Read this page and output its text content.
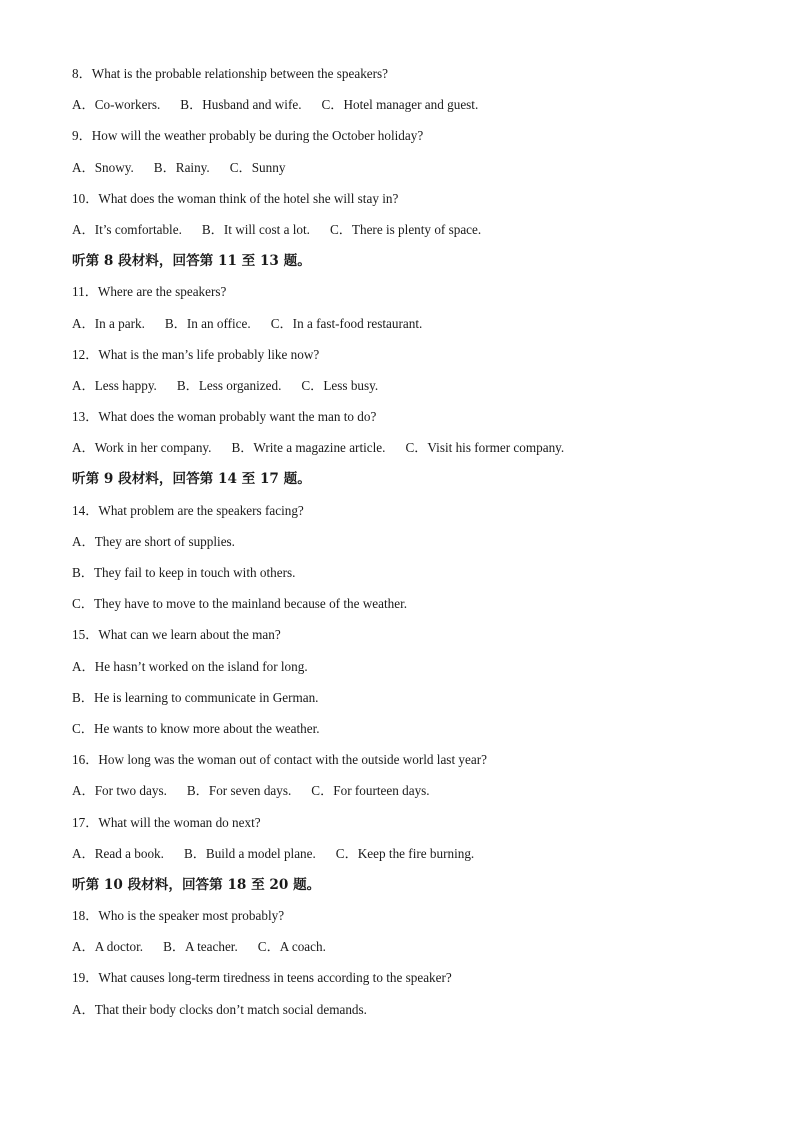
8．What is the probable relationship between the speakers?
A．Co-workers. B．Husband and wife. C．Hotel manager and guest.
9．How will the weather probably be during the October holiday?
A．Snowy. B．Rainy. C．Sunny
10．What does the woman think of the hotel she will stay in?
A．It’s comfortable. B．It will cost a lot. C．There is plenty of space.
听第 8 段材料，回答第 11 至 13 题。
11．Where are the speakers?
A．In a park. B．In an office. C．In a fast-food restaurant.
12．What is the man’s life probably like now?
A．Less happy. B．Less organized. C．Less busy.
13．What does the woman probably want the man to do?
A．Work in her company. B．Write a magazine article. C．Visit his former company.
听第 9 段材料，回答第 14 至 17 题。
14．What problem are the speakers facing?
A．They are short of supplies.
B．They fail to keep in touch with others.
C．They have to move to the mainland because of the weather.
15．What can we learn about the man?
A．He hasn’t worked on the island for long.
B．He is learning to communicate in German.
C．He wants to know more about the weather.
16．How long was the woman out of contact with the outside world last year?
A．For two days. B．For seven days. C．For fourteen days.
17．What will the woman do next?
A．Read a book. B．Build a model plane. C．Keep the fire burning.
听第 10 段材料，回答第 18 至 20 题。
18．Who is the speaker most probably?
A．A doctor. B．A teacher. C．A coach.
19．What causes long-term tiredness in teens according to the speaker?
A．That their body clocks don’t match social demands.
